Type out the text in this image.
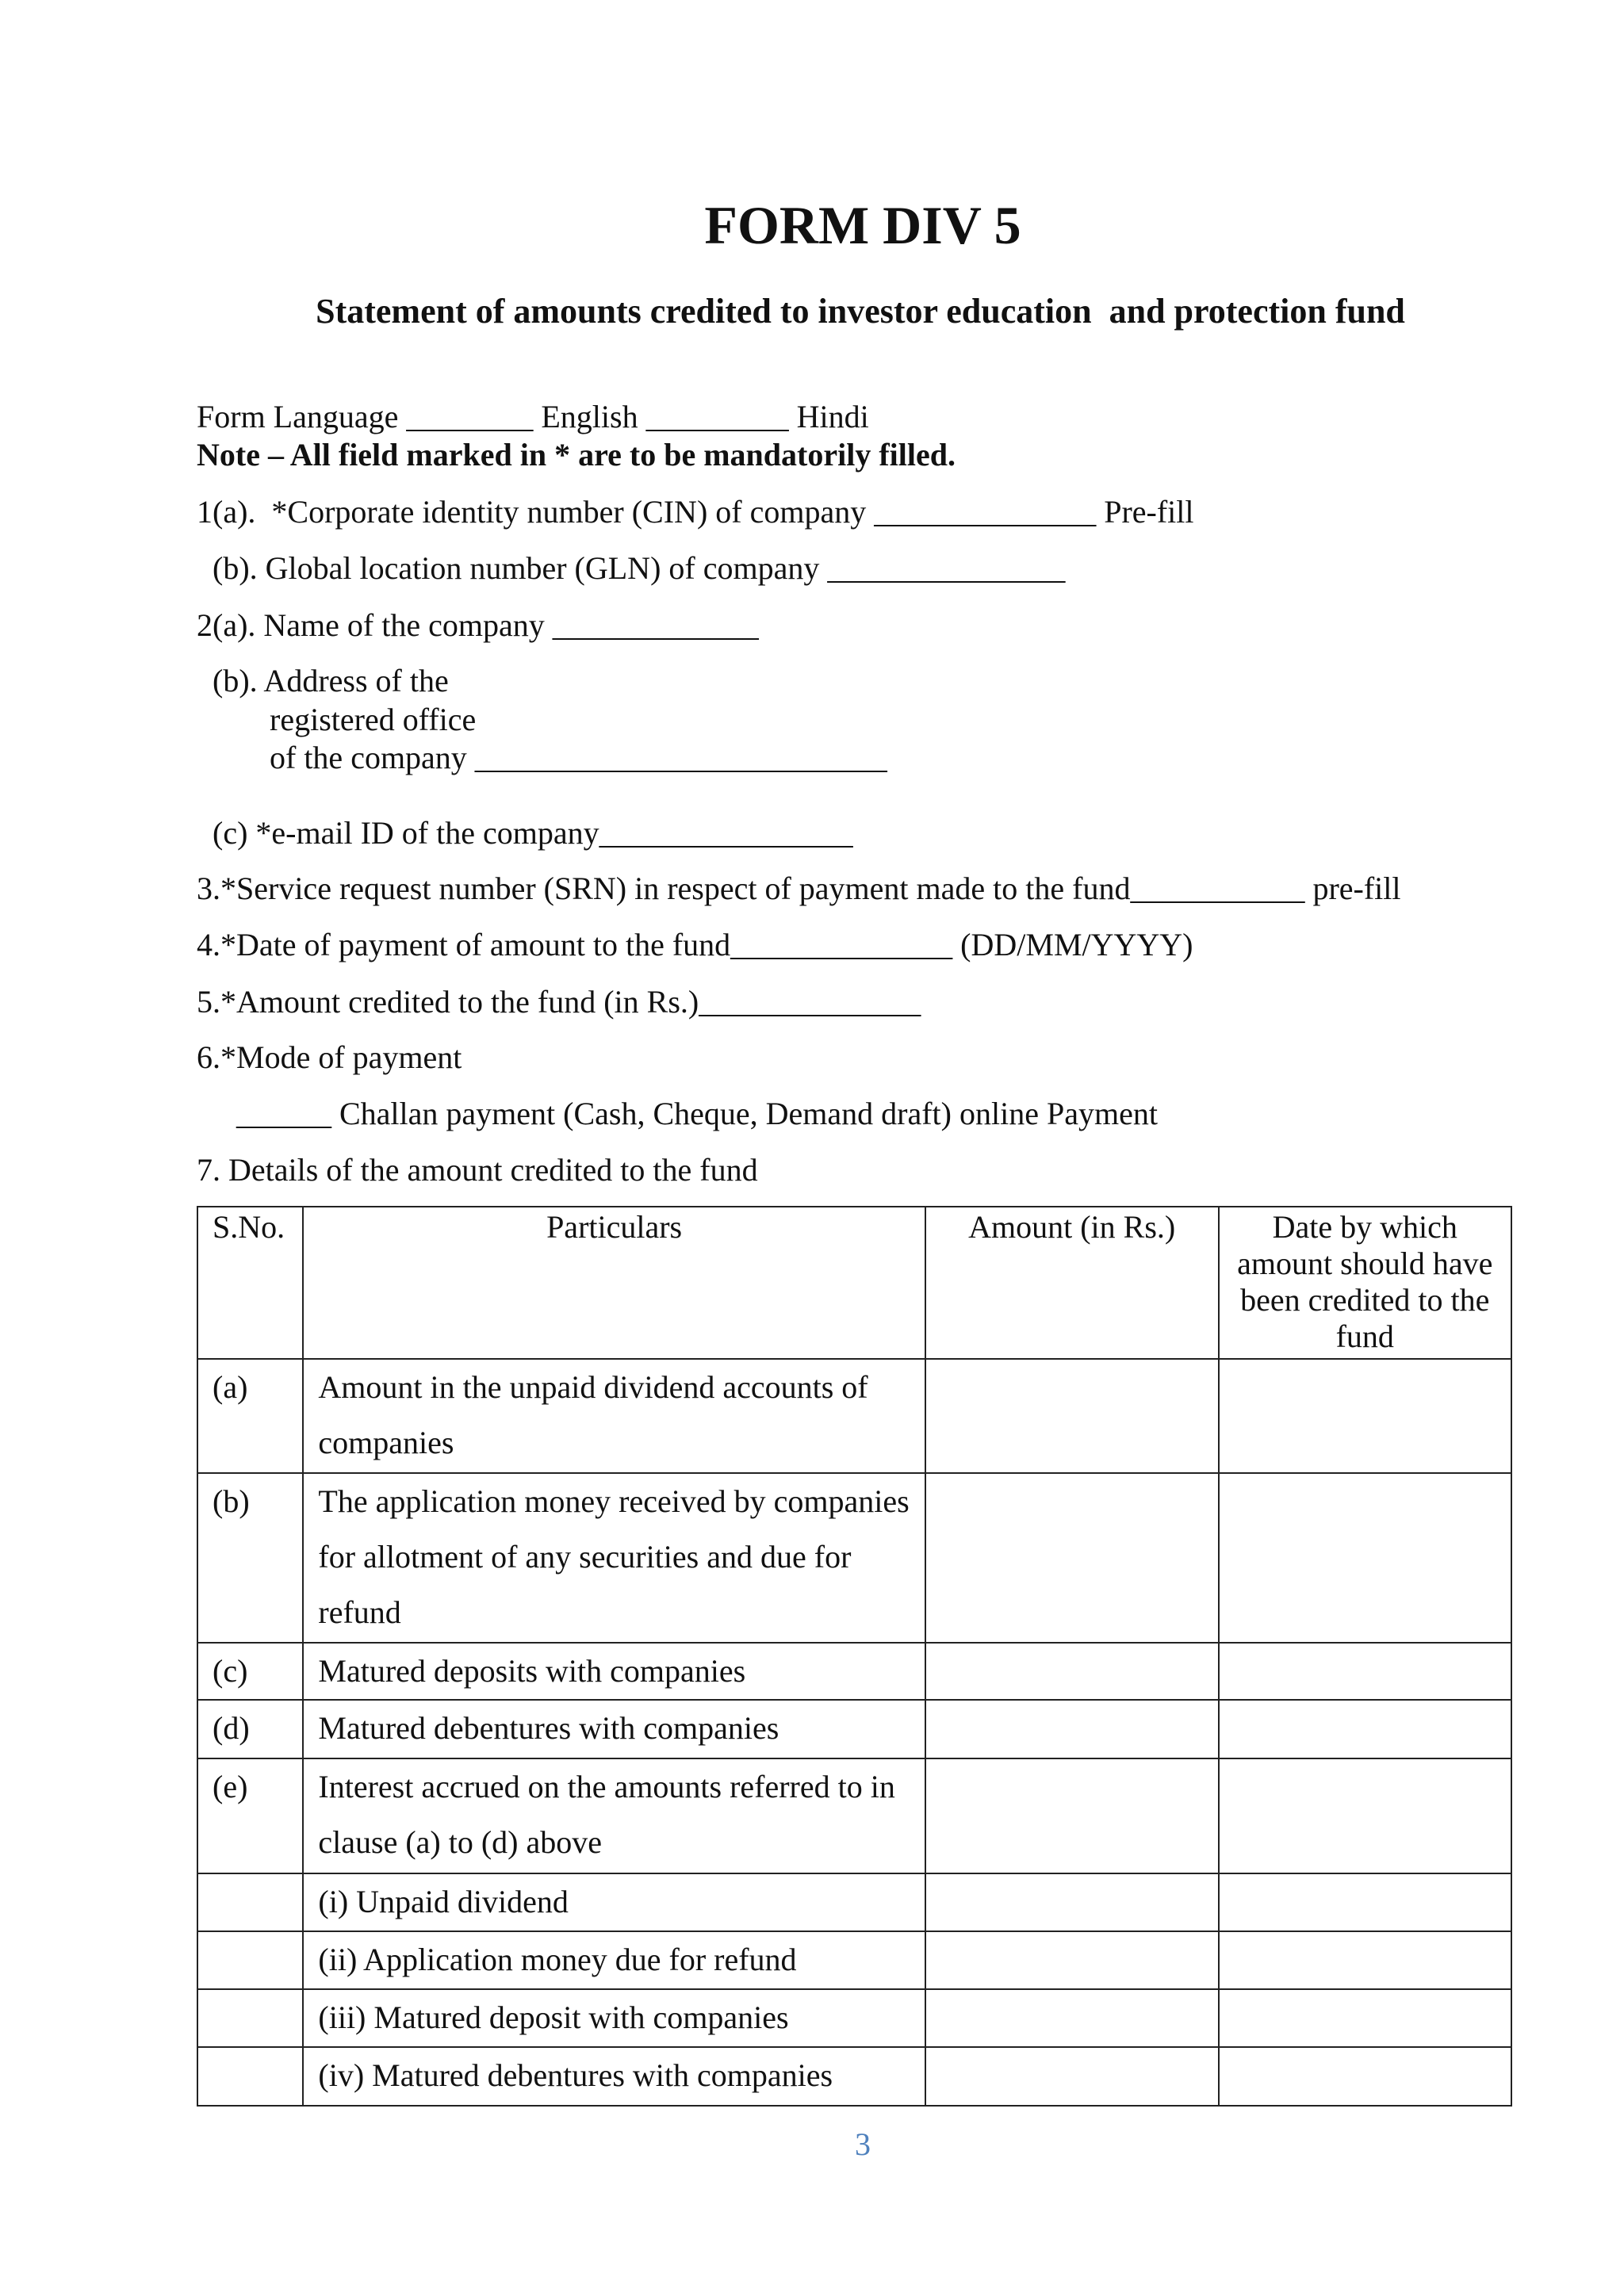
FORM DIV 5
Statement of amounts credited to investor education  and protection fund
Form Language ________ English _________ Hindi
Note – All field marked in * are to be mandatorily filled.
1(a).  *Corporate identity number (CIN) of company ______________ Pre-fill
(b). Global location number (GLN) of company _______________
2(a). Name of the company _____________
(b). Address of the
registered office
of the company __________________________
(c) *e-mail ID of the company________________
3.*Service request number (SRN) in respect of payment made to the fund___________ pre-fill
4.*Date of payment of amount to the fund______________ (DD/MM/YYYY)
5.*Amount credited to the fund (in Rs.)______________
6.*Mode of payment
______ Challan payment (Cash, Cheque, Demand draft) online Payment
7. Details of the amount credited to the fund
S.No.	Particulars	Amount (in Rs.)	Date by which amount should have been credited to the fund
(a)	Amount in the unpaid dividend accounts of companies		
(b)	The application money received by companies for allotment of any securities and due for refund		
(c)	Matured deposits with companies		
(d)	Matured debentures with companies		
(e)	Interest accrued on the amounts referred to in clause (a) to (d) above		
	(i) Unpaid dividend		
	(ii) Application money due for refund		
	(iii) Matured deposit with companies		
	(iv) Matured debentures with companies		
3
